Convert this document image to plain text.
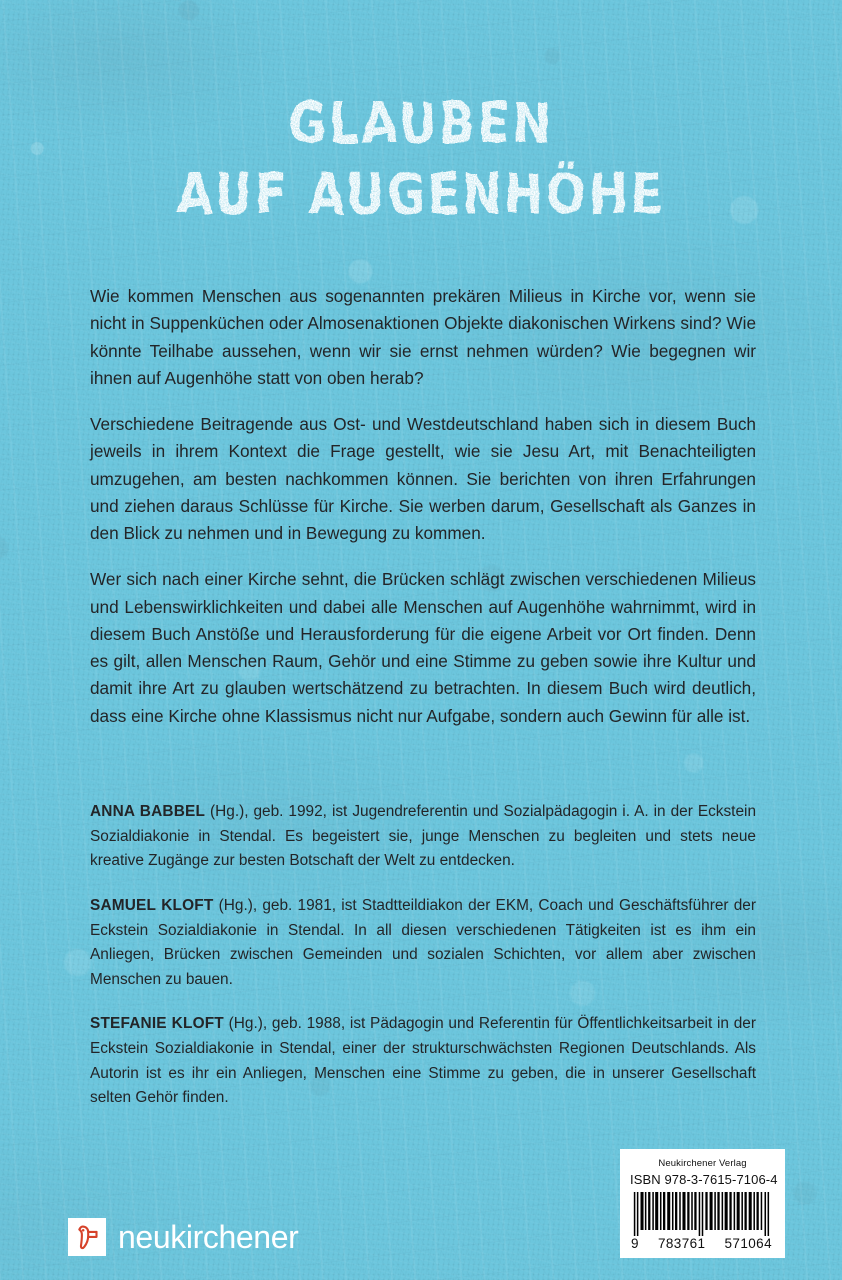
GLAUBEN
AUF AUGENHÖHE

Wie kommen Menschen aus sogenannten prekären Milieus in Kirche vor, wenn sie nicht in Suppenküchen oder Almosenaktionen Objekte diakonischen Wirkens sind? Wie könnte Teilhabe aussehen, wenn wir sie ernst nehmen würden? Wie begegnen wir ihnen auf Augenhöhe statt von oben herab?

Verschiedene Beitragende aus Ost- und Westdeutschland haben sich in diesem Buch jeweils in ihrem Kontext die Frage gestellt, wie sie Jesu Art, mit Benachteiligten umzugehen, am besten nachkommen können. Sie berichten von ihren Erfahrungen und ziehen daraus Schlüsse für Kirche. Sie werben darum, Gesellschaft als Ganzes in den Blick zu nehmen und in Bewegung zu kommen.

Wer sich nach einer Kirche sehnt, die Brücken schlägt zwischen verschiedenen Milieus und Lebenswirklichkeiten und dabei alle Menschen auf Augenhöhe wahrnimmt, wird in diesem Buch Anstöße und Herausforderung für die eigene Arbeit vor Ort finden. Denn es gilt, allen Menschen Raum, Gehör und eine Stimme zu geben sowie ihre Kultur und damit ihre Art zu glauben wertschätzend zu betrachten. In diesem Buch wird deutlich, dass eine Kirche ohne Klassismus nicht nur Aufgabe, sondern auch Gewinn für alle ist.

ANNA BABBEL (Hg.), geb. 1992, ist Jugendreferentin und Sozialpädagogin i. A. in der Eckstein Sozialdiakonie in Stendal. Es begeistert sie, junge Menschen zu begleiten und stets neue kreative Zugänge zur besten Botschaft der Welt zu entdecken.

SAMUEL KLOFT (Hg.), geb. 1981, ist Stadtteildiakon der EKM, Coach und Geschäftsführer der Eckstein Sozialdiakonie in Stendal. In all diesen verschiedenen Tätigkeiten ist es ihm ein Anliegen, Brücken zwischen Gemeinden und sozialen Schichten, vor allem aber zwischen Menschen zu bauen.

STEFANIE KLOFT (Hg.), geb. 1988, ist Pädagogin und Referentin für Öffentlichkeitsarbeit in der Eckstein Sozialdiakonie in Stendal, einer der strukturschwächsten Regionen Deutschlands. Als Autorin ist es ihr ein Anliegen, Menschen eine Stimme zu geben, die in unserer Gesellschaft selten Gehör finden.

neukirchener
Neukirchener Verlag
ISBN 978-3-7615-7106-4
9 783761 571064
